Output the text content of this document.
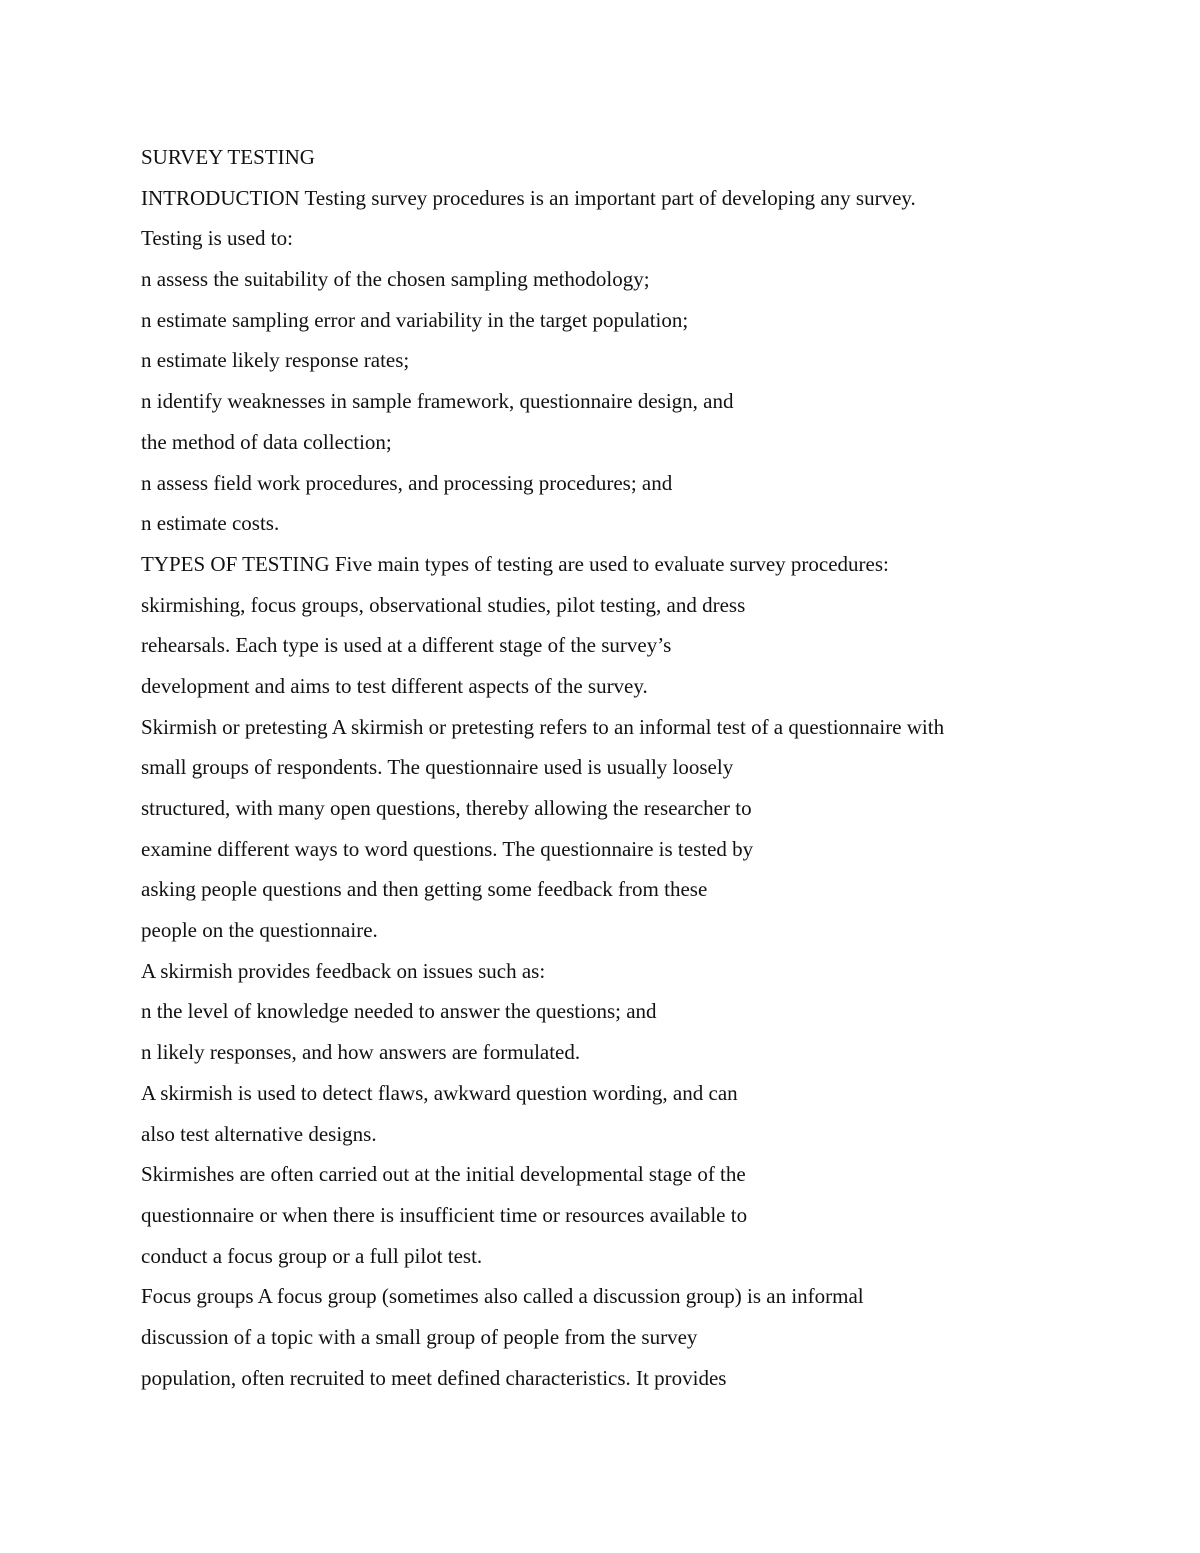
SURVEY TESTING

INTRODUCTION Testing survey procedures is an important part of developing any survey.

Testing is used to:

n assess the suitability of the chosen sampling methodology;

n estimate sampling error and variability in the target population;

n estimate likely response rates;

n identify weaknesses in sample framework, questionnaire design, and

the method of data collection;

n assess field work procedures, and processing procedures; and

n estimate costs.

TYPES OF TESTING Five main types of testing are used to evaluate survey procedures:

skirmishing, focus groups, observational studies, pilot testing, and dress

rehearsals. Each type is used at a different stage of the survey’s

development and aims to test different aspects of the survey.

Skirmish or pretesting A skirmish or pretesting refers to an informal test of a questionnaire with

small groups of respondents. The questionnaire used is usually loosely

structured, with many open questions, thereby allowing the researcher to

examine different ways to word questions. The questionnaire is tested by

asking people questions and then getting some feedback from these

people on the questionnaire.

A skirmish provides feedback on issues such as:

n the level of knowledge needed to answer the questions; and

n likely responses, and how answers are formulated.

A skirmish is used to detect flaws, awkward question wording, and can

also test alternative designs.

Skirmishes are often carried out at the initial developmental stage of the

questionnaire or when there is insufficient time or resources available to

conduct a focus group or a full pilot test.

Focus groups A focus group (sometimes also called a discussion group) is an informal

discussion of a topic with a small group of people from the survey

population, often recruited to meet defined characteristics. It provides
